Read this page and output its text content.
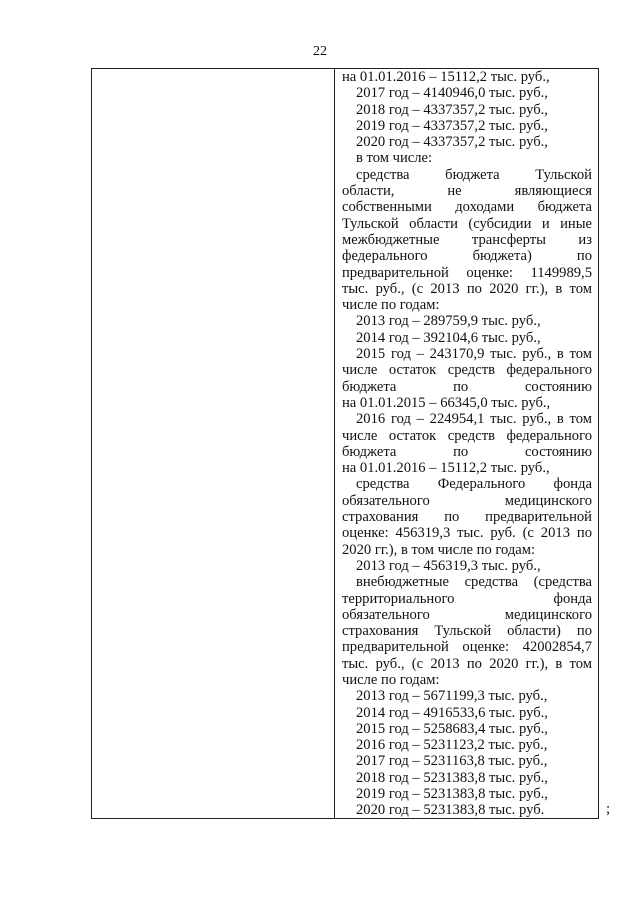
22
на 01.01.2016 – 15112,2 тыс. руб.,
2017 год – 4140946,0 тыс. руб.,
2018 год – 4337357,2 тыс. руб.,
2019 год – 4337357,2 тыс. руб.,
2020 год – 4337357,2 тыс. руб.,
в том числе:
средства бюджета Тульской
области, не являющиеся
собственными доходами бюджета
Тульской области (субсидии и иные
межбюджетные трансферты из
федерального бюджета) по
предварительной оценке: 1149989,5
тыс. руб., (с 2013 по 2020 гг.), в том
числе по годам:
2013 год – 289759,9 тыс. руб.,
2014 год – 392104,6 тыс. руб.,
2015 год – 243170,9 тыс. руб., в том
числе остаток средств федерального
бюджета по состоянию
на 01.01.2015 – 66345,0 тыс. руб.,
2016 год – 224954,1 тыс. руб., в том
числе остаток средств федерального
бюджета по состоянию
на 01.01.2016 – 15112,2 тыс. руб.,
средства Федерального фонда
обязательного медицинского
страхования по предварительной
оценке: 456319,3 тыс. руб. (с 2013 по
2020 гг.), в том числе по годам:
2013 год – 456319,3 тыс. руб.,
внебюджетные средства (средства
территориального фонда
обязательного медицинского
страхования Тульской области) по
предварительной оценке: 42002854,7
тыс. руб., (с 2013 по 2020 гг.), в том
числе по годам:
2013 год – 5671199,3 тыс. руб.,
2014 год – 4916533,6 тыс. руб.,
2015 год – 5258683,4 тыс. руб.,
2016 год – 5231123,2 тыс. руб.,
2017 год – 5231163,8 тыс. руб.,
2018 год – 5231383,8 тыс. руб.,
2019 год – 5231383,8 тыс. руб.,
2020 год – 5231383,8 тыс. руб.	;
